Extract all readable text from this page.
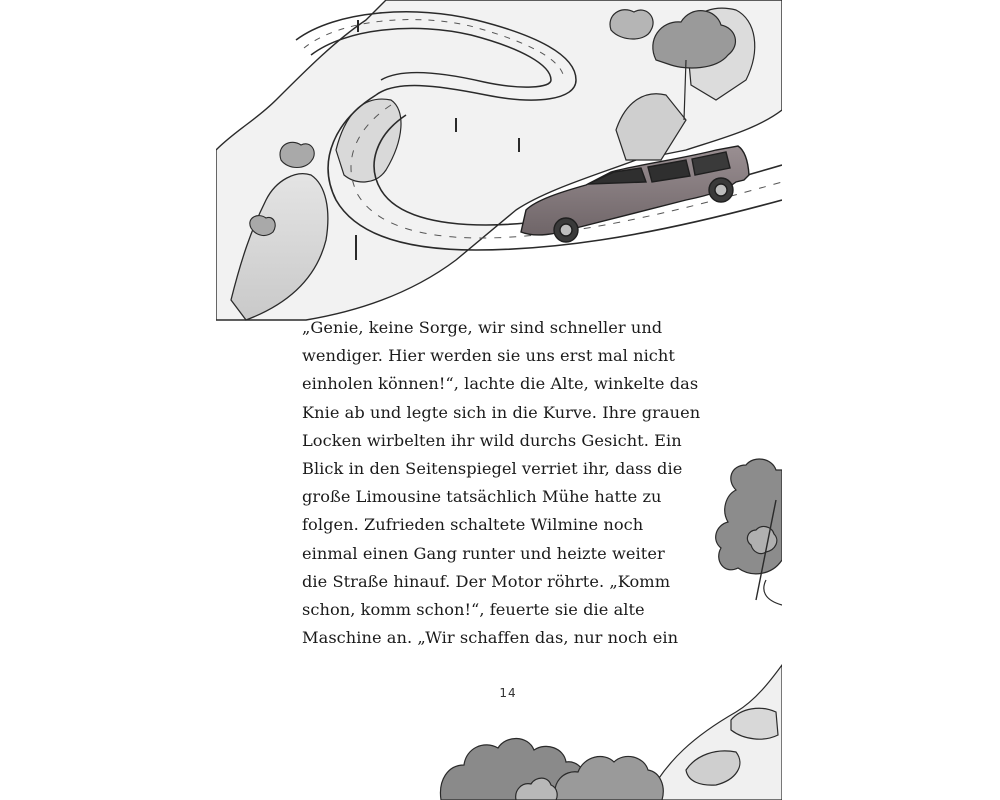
„Genie, keine Sorge, wir sind schneller und
wendiger. Hier werden sie uns erst mal nicht
einholen können!“, lachte die Alte, winkelte das
Knie ab und legte sich in die Kurve. Ihre grauen
Locken wirbelten ihr wild durchs Gesicht. Ein
Blick in den Seitenspiegel verriet ihr, dass die
große Limousine tatsächlich Mühe hatte zu
folgen. Zufrieden schaltete Wilmine noch
einmal einen Gang runter und heizte weiter
die Straße hinauf. Der Motor röhrte. „Komm
schon, komm schon!“, feuerte sie die alte
Maschine an. „Wir schaffen das, nur noch ein
14
